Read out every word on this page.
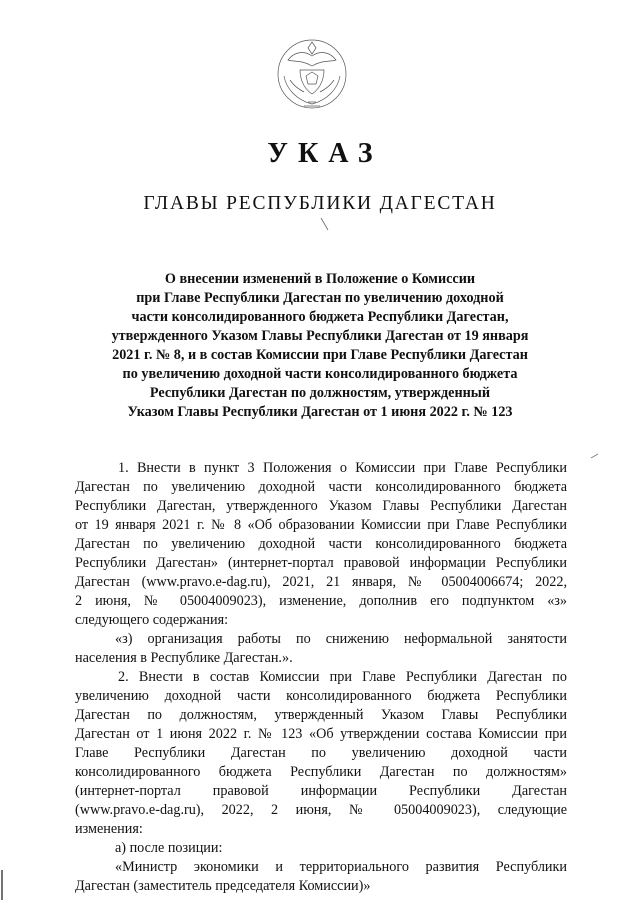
УКАЗ
ГЛАВЫ РЕСПУБЛИКИ ДАГЕСТАН
О внесении изменений в Положение о Комиссии
при Главе Республики Дагестан по увеличению доходной
части консолидированного бюджета Республики Дагестан,
утвержденного Указом Главы Республики Дагестан от 19 января
2021 г. № 8, и в состав Комиссии при Главе Республики Дагестан
по увеличению доходной части консолидированного бюджета
Республики Дагестан по должностям, утвержденный
Указом Главы Республики Дагестан от 1 июня 2022 г. № 123
1. Внести в пункт 3 Положения о Комиссии при Главе Республики
Дагестан по увеличению доходной части консолидированного бюджета
Республики Дагестан, утвержденного Указом Главы Республики Дагестан
от 19 января 2021 г. № 8 «Об образовании Комиссии при Главе Республики
Дагестан по увеличению доходной части консолидированного бюджета
Республики Дагестан» (интернет-портал правовой информации Республики
Дагестан (www.pravo.e-dag.ru), 2021, 21 января, № 05004006674; 2022,
2 июня, № 05004009023), изменение, дополнив его подпунктом «з»
следующего содержания:
«з) организация работы по снижению неформальной занятости
населения в Республике Дагестан.».
2. Внести в состав Комиссии при Главе Республики Дагестан по
увеличению доходной части консолидированного бюджета Республики
Дагестан по должностям, утвержденный Указом Главы Республики
Дагестан от 1 июня 2022 г. № 123 «Об утверждении состава Комиссии при
Главе Республики Дагестан по увеличению доходной части
консолидированного бюджета Республики Дагестан по должностям»
(интернет-портал правовой информации Республики Дагестан
(www.pravo.e-dag.ru), 2022, 2 июня, № 05004009023), следующие
изменения:
а) после позиции:
«Министр экономики и территориального развития Республики
Дагестан (заместитель председателя Комиссии)»
